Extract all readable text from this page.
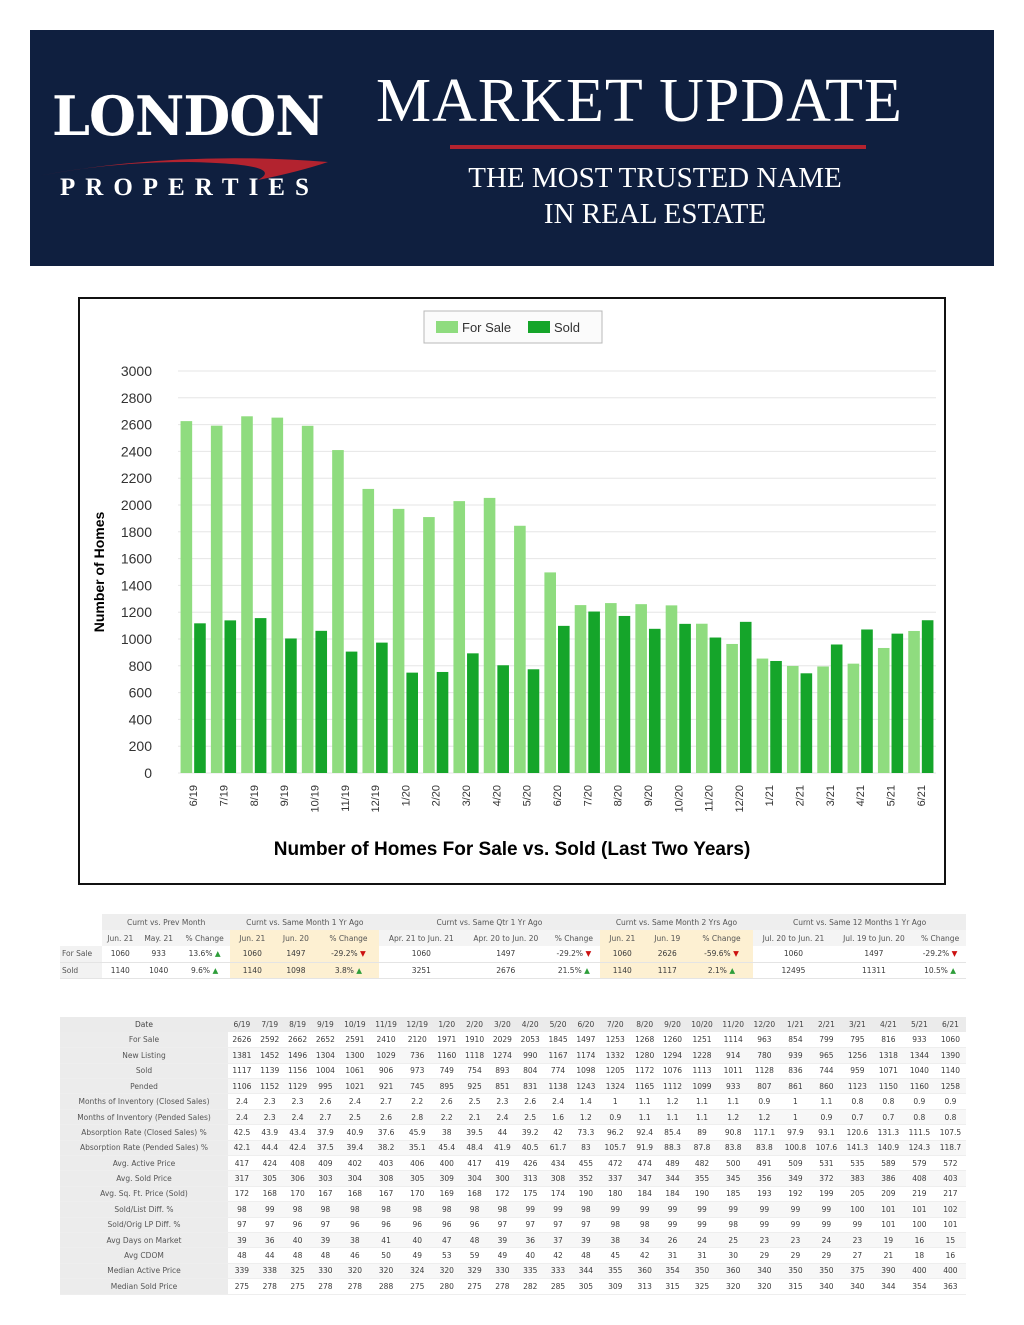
LONDON
PROPERTIES
MARKET UPDATE
THE MOST TRUSTED NAME
IN REAL ESTATE
0
200
400
600
800
1000
1200
1400
1600
1800
2000
2200
2400
2600
2800
3000
Number of Homes
6/19 7/19 8/19 9/19 10/19 11/19 12/19 1/20 2/20 3/20 4/20 5/20 6/20 7/20 8/20 9/20 10/20 11/20 12/20 1/21 2/21 3/21 4/21 5/21 6/21
For Sale	Sold
Number of Homes For Sale vs. Sold (Last Two Years)
	Curnt vs. Prev Month			Curnt vs. Same Month 1 Yr Ago			Curnt vs. Same Qtr 1 Yr Ago			Curnt vs. Same Month 2 Yrs Ago			Curnt vs. Same 12 Months 1 Yr Ago		
	Jun. 21	May. 21	% Change	Jun. 21	Jun. 20	% Change	Apr. 21 to Jun. 21	Apr. 20 to Jun. 20	% Change	Jun. 21	Jun. 19	% Change	Jul. 20 to Jun. 21	Jul. 19 to Jun. 20	% Change
For Sale	1060	933	13.6% ▲	1060	1497	-29.2% ▼	1060	1497	-29.2% ▼	1060	2626	-59.6% ▼	1060	1497	-29.2% ▼
Sold	1140	1040	9.6% ▲	1140	1098	3.8% ▲	3251	2676	21.5% ▲	1140	1117	2.1% ▲	12495	11311	10.5% ▲
Date	6/19	7/19	8/19	9/19	10/19	11/19	12/19	1/20	2/20	3/20	4/20	5/20	6/20	7/20	8/20	9/20	10/20	11/20	12/20	1/21	2/21	3/21	4/21	5/21	6/21
For Sale	2626	2592	2662	2652	2591	2410	2120	1971	1910	2029	2053	1845	1497	1253	1268	1260	1251	1114	963	854	799	795	816	933	1060
New Listing	1381	1452	1496	1304	1300	1029	736	1160	1118	1274	990	1167	1174	1332	1280	1294	1228	914	780	939	965	1256	1318	1344	1390
Sold	1117	1139	1156	1004	1061	906	973	749	754	893	804	774	1098	1205	1172	1076	1113	1011	1128	836	744	959	1071	1040	1140
Pended	1106	1152	1129	995	1021	921	745	895	925	851	831	1138	1243	1324	1165	1112	1099	933	807	861	860	1123	1150	1160	1258
Months of Inventory (Closed Sales)	2.4	2.3	2.3	2.6	2.4	2.7	2.2	2.6	2.5	2.3	2.6	2.4	1.4	1	1.1	1.2	1.1	1.1	0.9	1	1.1	0.8	0.8	0.9	0.9
Months of Inventory (Pended Sales)	2.4	2.3	2.4	2.7	2.5	2.6	2.8	2.2	2.1	2.4	2.5	1.6	1.2	0.9	1.1	1.1	1.1	1.2	1.2	1	0.9	0.7	0.7	0.8	0.8
Absorption Rate (Closed Sales) %	42.5	43.9	43.4	37.9	40.9	37.6	45.9	38	39.5	44	39.2	42	73.3	96.2	92.4	85.4	89	90.8	117.1	97.9	93.1	120.6	131.3	111.5	107.5
Absorption Rate (Pended Sales) %	42.1	44.4	42.4	37.5	39.4	38.2	35.1	45.4	48.4	41.9	40.5	61.7	83	105.7	91.9	88.3	87.8	83.8	83.8	100.8	107.6	141.3	140.9	124.3	118.7
Avg. Active Price	417	424	408	409	402	403	406	400	417	419	426	434	455	472	474	489	482	500	491	509	531	535	589	579	572
Avg. Sold Price	317	305	306	303	304	308	305	309	304	300	313	308	352	337	347	344	355	345	356	349	372	383	386	408	403
Avg. Sq. Ft. Price (Sold)	172	168	170	167	168	167	170	169	168	172	175	174	190	180	184	184	190	185	193	192	199	205	209	219	217
Sold/List Diff. %	98	99	98	98	98	98	98	98	98	98	99	99	98	99	99	99	99	99	99	99	99	100	101	101	102
Sold/Orig LP Diff. %	97	97	96	97	96	96	96	96	96	97	97	97	97	98	98	99	99	98	99	99	99	99	101	100	101
Avg Days on Market	39	36	40	39	38	41	40	47	48	39	36	37	39	38	34	26	24	25	23	23	24	23	19	16	15
Avg CDOM	48	44	48	48	46	50	49	53	59	49	40	42	48	45	42	31	31	30	29	29	29	27	21	18	16
Median Active Price	339	338	325	330	320	320	324	320	329	330	335	333	344	355	360	354	350	360	340	350	350	375	390	400	400
Median Sold Price	275	278	275	278	278	288	275	280	275	278	282	285	305	309	313	315	325	320	320	315	340	340	344	354	363
